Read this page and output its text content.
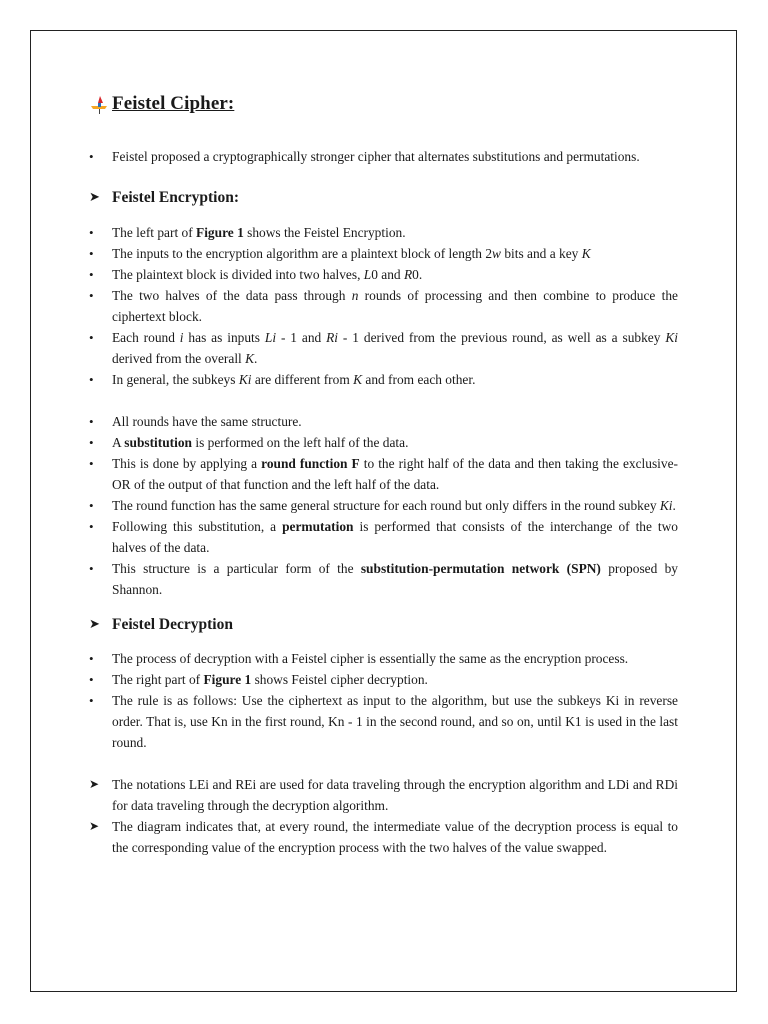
Feistel Cipher:
• Feistel proposed a cryptographically stronger cipher that alternates substitutions and permutations.
➤ Feistel Encryption:
• The left part of Figure 1 shows the Feistel Encryption.
• The inputs to the encryption algorithm are a plaintext block of length 2w bits and a key K
• The plaintext block is divided into two halves, L0 and R0.
• The two halves of the data pass through n rounds of processing and then combine to produce the ciphertext block.
• Each round i has as inputs Li - 1 and Ri - 1 derived from the previous round, as well as a subkey Ki derived from the overall K.
• In general, the subkeys Ki are different from K and from each other.
• All rounds have the same structure.
• A substitution is performed on the left half of the data.
• This is done by applying a round function F to the right half of the data and then taking the exclusive-OR of the output of that function and the left half of the data.
• The round function has the same general structure for each round but only differs in the round subkey Ki.
• Following this substitution, a permutation is performed that consists of the interchange of the two halves of the data.
• This structure is a particular form of the substitution-permutation network (SPN) proposed by Shannon.
➤ Feistel Decryption
• The process of decryption with a Feistel cipher is essentially the same as the encryption process.
• The right part of Figure 1 shows Feistel cipher decryption.
• The rule is as follows: Use the ciphertext as input to the algorithm, but use the subkeys Ki in reverse order. That is, use Kn in the first round, Kn - 1 in the second round, and so on, until K1 is used in the last round.
➤ The notations LEi and REi are used for data traveling through the encryption algorithm and LDi and RDi for data traveling through the decryption algorithm.
➤ The diagram indicates that, at every round, the intermediate value of the decryption process is equal to the corresponding value of the encryption process with the two halves of the value swapped.
